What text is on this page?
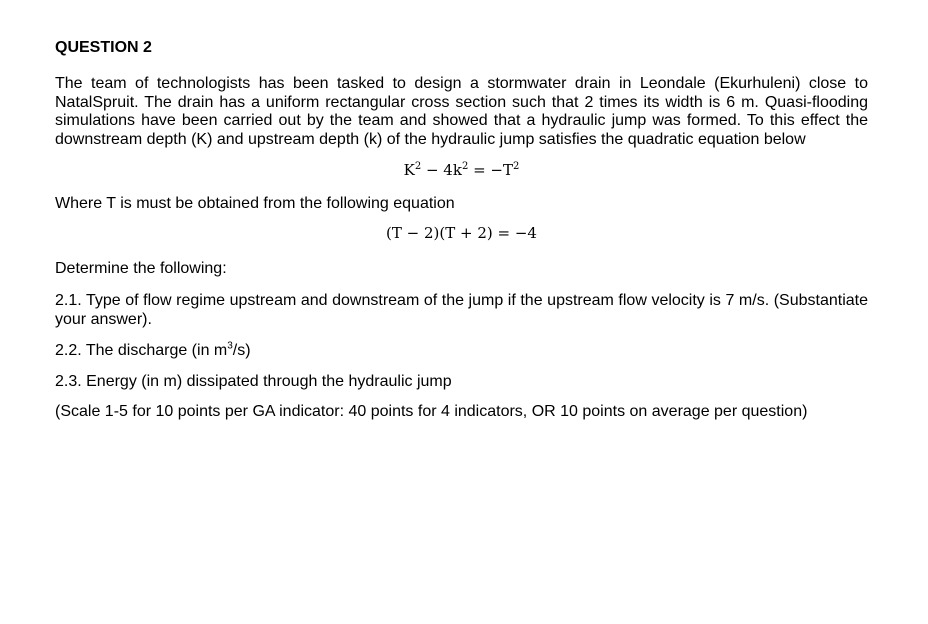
QUESTION 2

The team of technologists has been tasked to design a stormwater drain in Leondale (Ekurhuleni) close to NatalSpruit. The drain has a uniform rectangular cross section such that 2 times its width is 6 m. Quasi-flooding simulations have been carried out by the team and showed that a hydraulic jump was formed. To this effect the downstream depth (K) and upstream depth (k) of the hydraulic jump satisfies the quadratic equation below

$K^2 - 4k^2 = -T^2$

Where T is must be obtained from the following equation

(T − 2)(T + 2) = −4

Determine the following:

2.1. Type of flow regime upstream and downstream of the jump if the upstream flow velocity is 7 m/s. (Substantiate your answer).

2.2. The discharge (in $m^3/s$)

2.3. Energy (in m) dissipated through the hydraulic jump

(Scale 1-5 for 10 points per GA indicator: 40 points for 4 indicators, OR 10 points on average per question)
